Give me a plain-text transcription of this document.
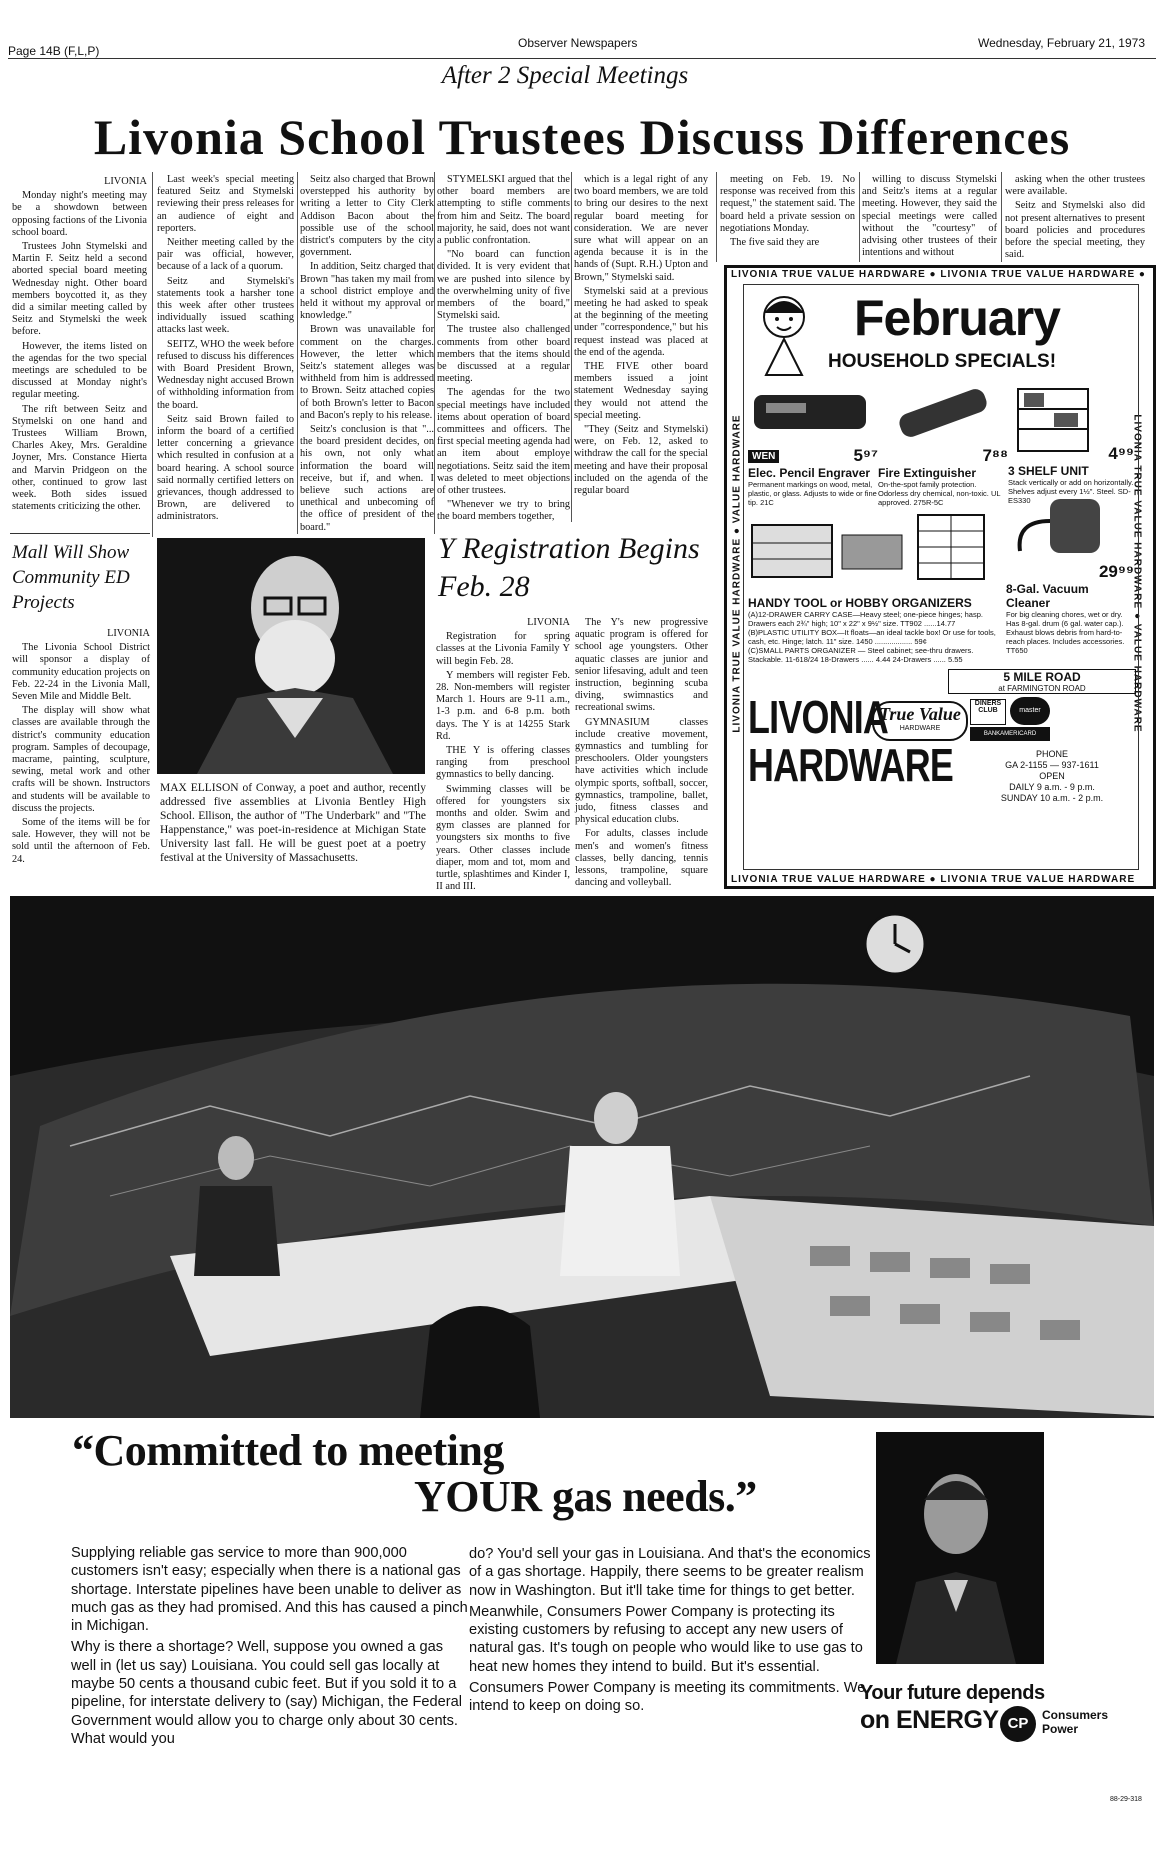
Page 14B (F,L,P)
Observer Newspapers	Wednesday, February 21, 1973
After 2 Special Meetings
Livonia School Trustees Discuss Differences

LIVONIA

Monday night's meeting may be a showdown between opposing factions of the Livonia school board.

Trustees John Stymelski and Martin F. Seitz held a second aborted special board meeting Wednesday night. Other board members boycotted it, as they did a similar meeting called by Seitz and Stymelski the week before.

However, the items listed on the agendas for the two special meetings are scheduled to be discussed at Monday night's regular meeting.

The rift between Seitz and Stymelski on one hand and Trustees William Brown, Charles Akey, Mrs. Geraldine Joyner, Mrs. Constance Hierta and Marvin Pridgeon on the other, continued to grow last week. Both sides issued statements criticizing the other.

Last week's special meeting featured Seitz and Stymelski reviewing their press releases for an audience of eight and reporters.

Neither meeting called by the pair was official, however, because of a lack of a quorum.

Seitz and Stymelski's statements took a harsher tone this week after other trustees individually issued scathing attacks last week.

SEITZ, WHO the week before refused to discuss his differences with Board President Brown, Wednesday night accused Brown of withholding information from the board.

Seitz said Brown failed to inform the board of a certified letter concerning a grievance which resulted in confusion at a board hearing. A school source said normally certified letters on grievances, though addressed to Brown, are delivered to administrators.

Seitz also charged that Brown overstepped his authority by writing a letter to City Clerk Addison Bacon about the possible use of the school district's computers by the city government.

In addition, Seitz charged that Brown "has taken my mail from a school district employe and held it without my approval or knowledge."

Brown was unavailable for comment on the charges. However, the letter which Seitz's statement alleges was withheld from him is addressed to Brown. Seitz attached copies of both Brown's letter to Bacon and Bacon's reply to his release.

Seitz's conclusion is that "... the board president decides, on his own, not only what information the board will receive, but if, and when. I believe such actions are unethical and unbecoming of the office of president of the board."

STYMELSKI argued that the other board members are attempting to stifle comments from him and Seitz. The board majority, he said, does not want a public confrontation.

"No board can function divided. It is very evident that we are pushed into silence by the overwhelming unity of five members of the board," Stymelski said.

The trustee also challenged comments from other board members that the items should be discussed at a regular meeting.

The agendas for the two special meetings have included items about operation of board committees and officers. The first special meeting agenda had an item about employe negotiations. Seitz said the item was deleted to meet objections of other trustees.

"Whenever we try to bring the board members together,

which is a legal right of any two board members, we are told to bring our desires to the next regular board meeting for consideration. We are never sure what will appear on an agenda because it is in the hands of (Supt. R.H.) Upton and Brown," Stymelski said.

Stymelski said at a previous meeting he had asked to speak at the beginning of the meeting under "correspondence," but his request instead was placed at the end of the agenda.

THE FIVE other board members issued a joint statement Wednesday saying they would not attend the special meeting.

"They (Seitz and Stymelski) were, on Feb. 12, asked to withdraw the call for the special meeting and have their proposal included on the agenda of the regular board

meeting on Feb. 19. No response was received from this request," the statement said. The board held a private session on negotiations Monday.

The five said they are

willing to discuss Stymelski and Seitz's items at a regular meeting. However, they said the special meetings were called without the "courtesy" of advising other trustees of their intentions and without

asking when the other trustees were available.

Seitz and Stymelski also did not present alternatives to present board policies and procedures before the special meeting, they said.

Mall Will Show Community ED Projects

LIVONIA

The Livonia School District will sponsor a display of community education projects on Feb. 22-24 in the Livonia Mall, Seven Mile and Middle Belt.

The display will show what classes are available through the district's community education program. Samples of decoupage, macrame, painting, sculpture, sewing, metal work and other crafts will be shown. Instructors and students will be available to discuss the projects.

Some of the items will be for sale. However, they will not be sold until the afternoon of Feb. 24.

MAX ELLISON of Conway, a poet and author, recently addressed five assemblies at Livonia Bentley High School. Ellison, the author of "The Underbark" and "The Happenstance," was poet-in-residence at Michigan State University last fall. He will be guest poet at a poetry festival at the University of Massachusetts.
Y Registration Begins Feb. 28

LIVONIA

Registration for spring classes at the Livonia Family Y will begin Feb. 28.

Y members will register Feb. 28. Non-members will register March 1. Hours are 9-11 a.m., 1-3 p.m. and 6-8 p.m. both days. The Y is at 14255 Stark Rd.

THE Y is offering classes ranging from preschool gymnastics to belly dancing.

Swimming classes will be offered for youngsters six months and older. Swim and gym classes are planned for youngsters six months to five years. Other classes include diaper, mom and tot, mom and turtle, splashtimes and Kinder I, II and III.

The Y's new progressive aquatic program is offered for school age youngsters. Other aquatic classes are junior and senior lifesaving, adult and teen instruction, beginning scuba diving, swimnastics and recreational swims.

GYMNASIUM classes include creative movement, gymnastics and tumbling for preschoolers. Older youngsters have activities which include olympic sports, softball, soccer, gymnastics, trampoline, ballet, judo, fitness classes and physical education clubs.

For adults, classes include men's and women's fitness classes, belly dancing, tennis lessons, trampoline, square dancing and volleyball.

LIVONIA TRUE VALUE HARDWARE ● LIVONIA TRUE VALUE HARDWARE ●
LIVONIA TRUE VALUE HARDWARE ● LIVONIA TRUE VALUE HARDWARE
LIVONIA TRUE VALUE HARDWARE ● VALUE HARDWARE	LIVONIA TRUE VALUE HARDWARE ● VALUE HARDWARE
February
HOUSEHOLD SPECIALS!
WEN	5⁹⁷
Elec. Pencil Engraver
Permanent markings on wood, metal, plastic, or glass. Adjusts to wide or fine tip. 21C
7⁸⁸
Fire Extinguisher
On-the-spot family protection. Odorless dry chemical, non-toxic. UL approved. 275R-5C
4⁹⁹
3 SHELF UNIT
Stack vertically or add on horizontally. Shelves adjust every 1½". Steel. SD-ES330
HANDY TOOL or HOBBY ORGANIZERS
(A)12-DRAWER CARRY CASE—Heavy steel; one-piece hinges; hasp. Drawers each 2¾" high; 10" x 22" x 9½" size. TT902 ......14.77
(B)PLASTIC UTILITY BOX—It floats—an ideal tackle box! Or use for tools, cash, etc. Hinge; latch. 11" size. 1450 .................. 59¢
(C)SMALL PARTS ORGANIZER — Steel cabinet; see-thru drawers. Stackable. 11-618/24 18-Drawers ...... 4.44 24-Drawers ...... 5.55
29⁹⁹
8-Gal. Vacuum Cleaner
For big cleaning chores, wet or dry. Has 8-gal. drum (6 gal. water cap.). Exhaust blows debris from hard-to-reach places. Includes accessories. TT650
5 MILE ROAD
at FARMINGTON ROAD
LIVONIA
HARDWARE
True Value
HARDWARE
DINERS CLUB	master
BANKAMERICARD
PHONE
GA 2-1155 — 937-1611
OPEN
DAILY 9 a.m. - 9 p.m.
SUNDAY 10 a.m. - 2 p.m.
“Committed to meeting
YOUR gas needs.”

Supplying reliable gas service to more than 900,000 customers isn't easy; especially when there is a national gas shortage. Interstate pipelines have been unable to deliver as much gas as they had promised. And this has caused a pinch in Michigan.

Why is there a shortage? Well, suppose you owned a gas well in (let us say) Louisiana. You could sell gas locally at maybe 50 cents a thousand cubic feet. But if you sold it to a pipeline, for interstate delivery to (say) Michigan, the Federal Government would allow you to charge only about 30 cents. What would you

do? You'd sell your gas in Louisiana. And that's the economics of a gas shortage. Happily, there seems to be greater realism now in Washington. But it'll take time for things to get better.

Meanwhile, Consumers Power Company is protecting its existing customers by refusing to accept any new users of natural gas. It's tough on people who would like to use gas to heat new homes they intend to build. But it's essential.

Consumers Power Company is meeting its commitments. We intend to keep on doing so.

Your future depends
on ENERGY CP	Consumers
Power
88-29-318
